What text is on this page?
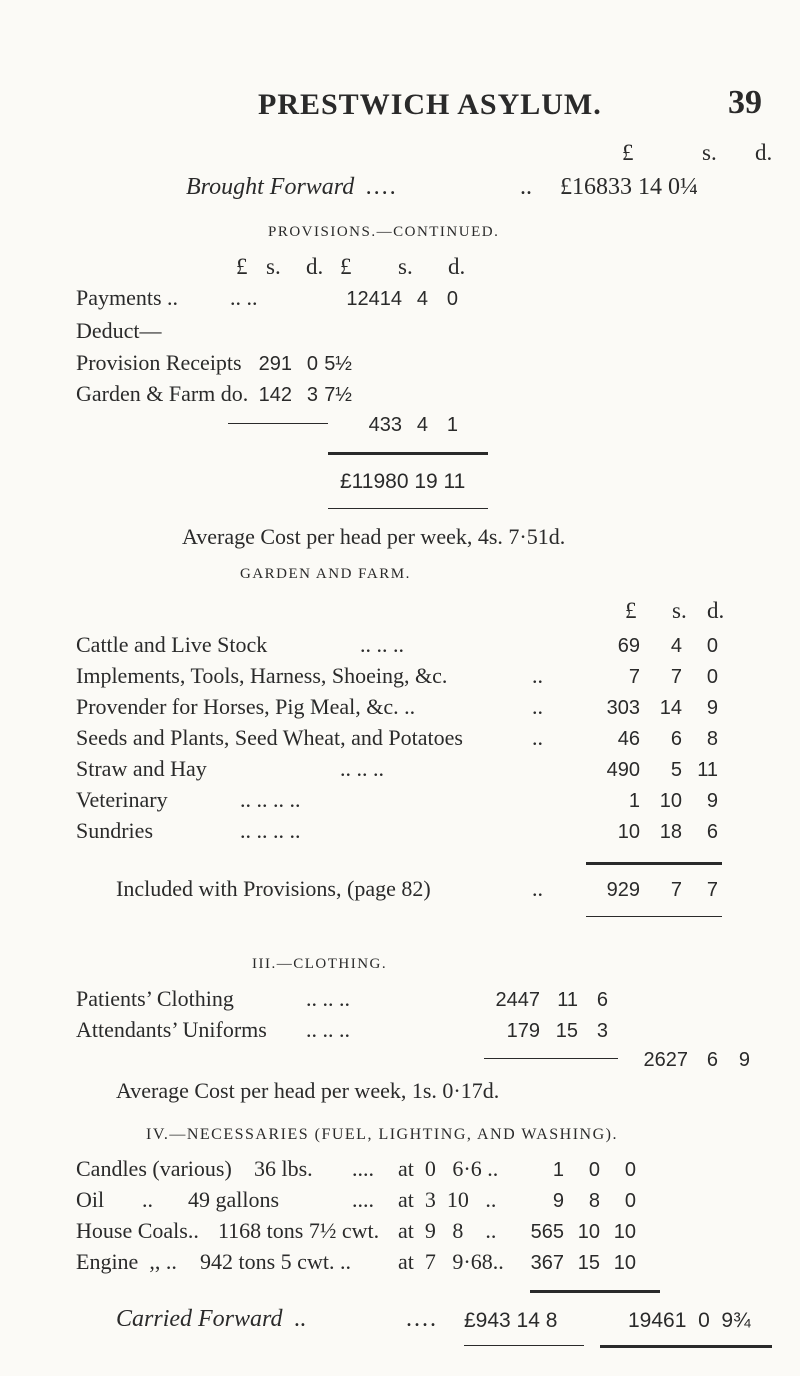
PRESTWICH ASYLUM.	39
£	s. d.
Brought Forward ....	.. £16833 14 0¼
PROVISIONS.—CONTINUED.
£ s. d. £ s. d.
Payments .. .. ..	12414 4 0
Deduct—
Provision Receipts 291 0 5½
Garden & Farm do. 142 3 7½
433 4 1
£11980 19 11
Average Cost per head per week, 4s. 7·51d.
GARDEN AND FARM.
£ s. d.
Cattle and Live Stock	.. .. ..	69	4	0
Implements, Tools, Harness, Shoeing, &c.	..	7	7	0
Provender for Horses, Pig Meal, &c. ..	..	303 14	9
Seeds and Plants, Seed Wheat, and Potatoes	..	46	6	8
Straw and Hay	.. .. ..	490	5 11
Veterinary	.. .. .. ..	1 10	9
Sundries	.. .. .. ..	10 18	6
Included with Provisions, (page 82)	..	929	7	7
III.—CLOTHING.
Patients’ Clothing	.. .. ..	2447 11 6
Attendants’ Uniforms .. .. ..	179 15 3
2627 6	9
Average Cost per head per week, 1s. 0·17d.
IV.—NECESSARIES (FUEL, LIGHTING, AND WASHING).
Candles (various) 36 lbs. .... at  0   6·6 ..	1	0	0
Oil .. 49 gallons	.... at  3  10   ..	9	8	0
House Coals.. 1168 tons 7½ cwt. at  9   8    ..	565 10 10
Engine  ,, .. 942 tons 5 cwt. .. at  7   9·68..	367 15 10
Carried Forward ..	.... £943 14 8	19461  0  9¾
